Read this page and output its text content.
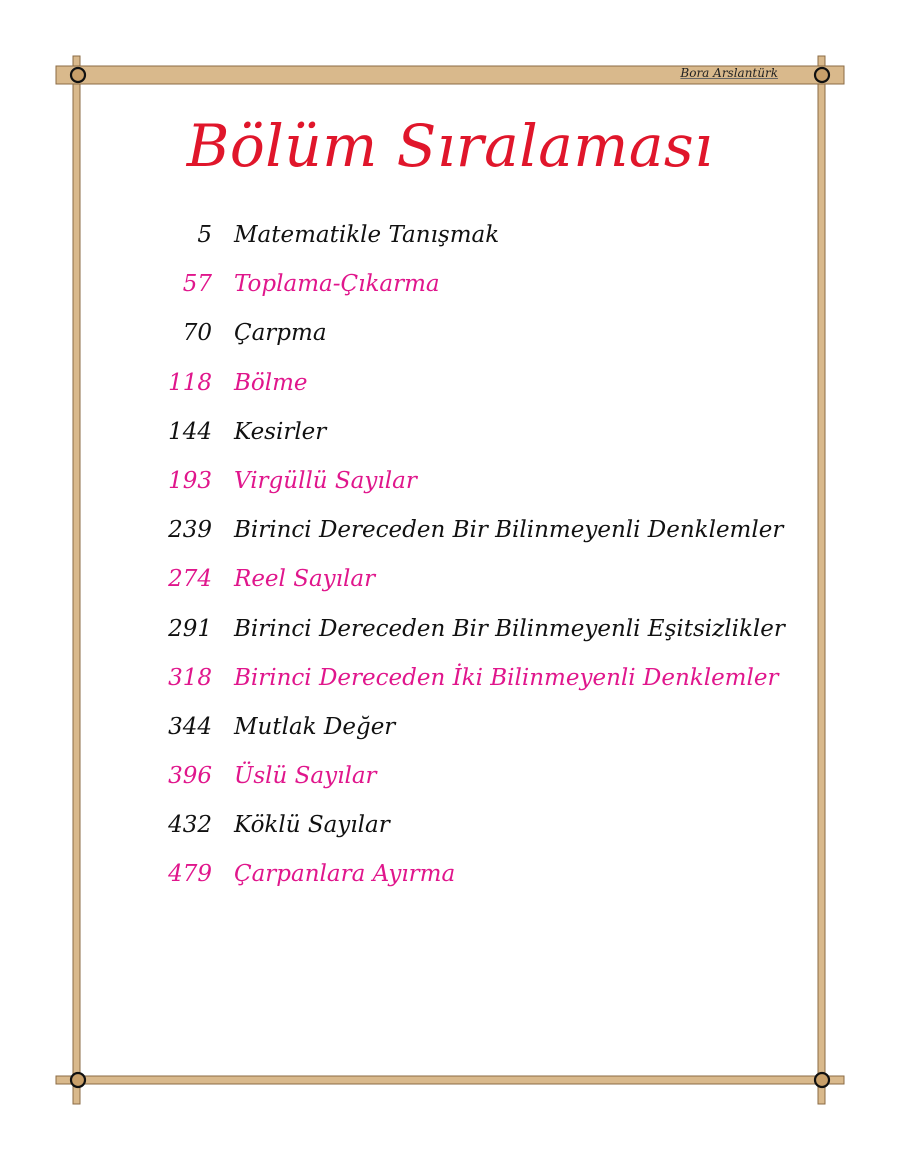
Bora Arslantürk
Bölüm Sıralaması
5 Matematikle Tanışmak
57 Toplama-Çıkarma
70 Çarpma
118 Bölme
144 Kesirler
193 Virgüllü Sayılar
239 Birinci Dereceden Bir Bilinmeyenli Denklemler
274 Reel Sayılar
291 Birinci Dereceden Bir Bilinmeyenli Eşitsizlikler
318 Birinci Dereceden İki Bilinmeyenli Denklemler
344 Mutlak Değer
396 Üslü Sayılar
432 Köklü Sayılar
479 Çarpanlara Ayırma
